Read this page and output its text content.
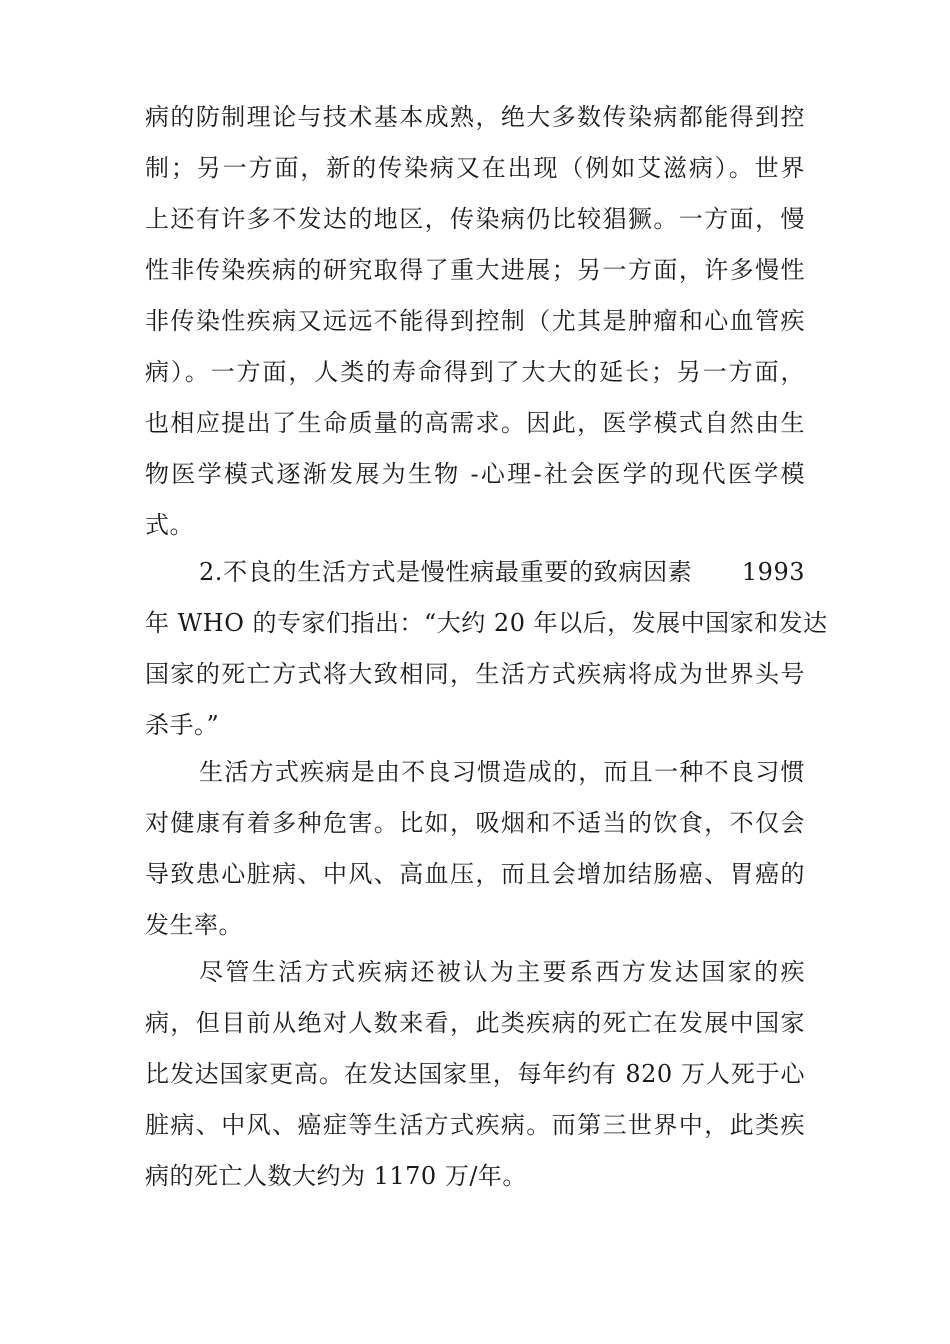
病的防制理论与技术基本成熟，绝大多数传染病都能得到控
制；另一方面，新的传染病又在出现（例如艾滋病）。世界
上还有许多不发达的地区，传染病仍比较猖獗。一方面，慢
性非传染疾病的研究取得了重大进展；另一方面，许多慢性
非传染性疾病又远远不能得到控制（尤其是肿瘤和心血管疾
病）。一方面，人类的寿命得到了大大的延长；另一方面，
也相应提出了生命质量的高需求。因此，医学模式自然由生
物医学模式逐渐发展为生物 -心理-社会医学的现代医学模
式。
2.不良的生活方式是慢性病最重要的致病因素　　1993
年 WHO 的专家们指出：“大约 20 年以后，发展中国家和发达
国家的死亡方式将大致相同，生活方式疾病将成为世界头号
杀手。”
生活方式疾病是由不良习惯造成的，而且一种不良习惯
对健康有着多种危害。比如，吸烟和不适当的饮食，不仅会
导致患心脏病、中风、高血压，而且会增加结肠癌、胃癌的
发生率。
尽管生活方式疾病还被认为主要系西方发达国家的疾
病，但目前从绝对人数来看，此类疾病的死亡在发展中国家
比发达国家更高。在发达国家里，每年约有 820 万人死于心
脏病、中风、癌症等生活方式疾病。而第三世界中，此类疾
病的死亡人数大约为 1170 万/年。
